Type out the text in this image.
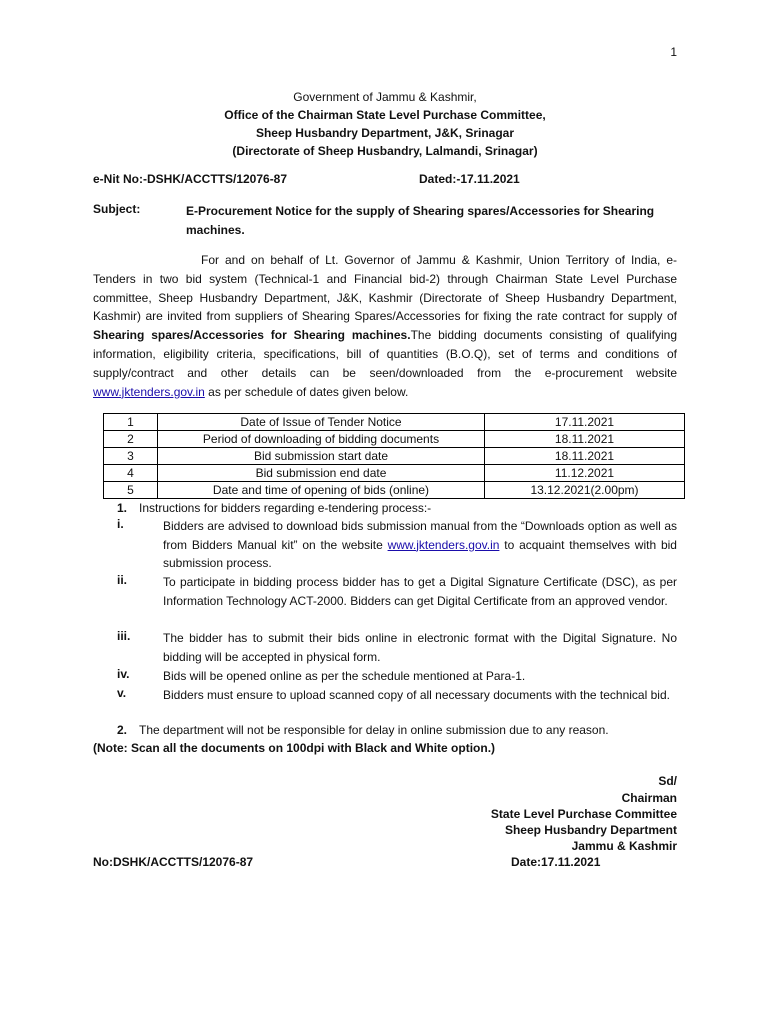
1
Government of Jammu & Kashmir,
Office of the Chairman State Level Purchase Committee,
Sheep Husbandry Department, J&K, Srinagar
(Directorate of Sheep Husbandry, Lalmandi, Srinagar)
e-Nit No:-DSHK/ACCTTS/12076-87	Dated:-17.11.2021
Subject:	E-Procurement Notice for the supply of Shearing spares/Accessories for Shearing machines.
For and on behalf of Lt. Governor of Jammu & Kashmir, Union Territory of India, e-Tenders in two bid system (Technical-1 and Financial bid-2) through Chairman State Level Purchase committee, Sheep Husbandry Department, J&K, Kashmir (Directorate of Sheep Husbandry Department, Kashmir) are invited from suppliers of Shearing Spares/Accessories for fixing the rate contract for supply of Shearing spares/Accessories for Shearing machines.The bidding documents consisting of qualifying information, eligibility criteria, specifications, bill of quantities (B.O.Q), set of terms and conditions of supply/contract and other details can be seen/downloaded from the e-procurement website www.jktenders.gov.in as per schedule of dates given below.
1	Date of Issue of Tender Notice	17.11.2021
2	Period of downloading of bidding documents	18.11.2021
3	Bid submission start date	18.11.2021
4	Bid submission end date	11.12.2021
5	Date and time of opening of bids (online)	13.12.2021(2.00pm)
1. Instructions for bidders regarding e-tendering process:-
i.	Bidders are advised to download bids submission manual from the “Downloads option as well as from Bidders Manual kit” on the website www.jktenders.gov.in to acquaint themselves with bid submission process.
ii.	To participate in bidding process bidder has to get a Digital Signature Certificate (DSC), as per Information Technology ACT-2000. Bidders can get Digital Certificate from an approved vendor.
iii.	The bidder has to submit their bids online in electronic format with the Digital Signature. No bidding will be accepted in physical form.
iv.	Bids will be opened online as per the schedule mentioned at Para-1.
v.	Bidders must ensure to upload scanned copy of all necessary documents with the technical bid.
2. The department will not be responsible for delay in online submission due to any reason.
(Note: Scan all the documents on 100dpi with Black and White option.)
Sd/
Chairman
State Level Purchase Committee
Sheep Husbandry Department
Jammu & Kashmir
No:DSHK/ACCTTS/12076-87	Date:17.11.2021
